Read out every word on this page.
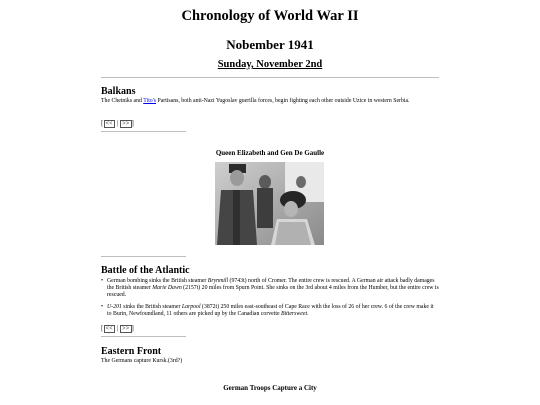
Chronology of World War II
Nobember 1941
Sunday, November 2nd
Balkans
The Chetniks and Tito's Partisans, both anti-Nazi Yugoslav guerilla forces, begin fighting each other outside Uzice in western Serbia.
[ << | >> ]
Queen Elizabeth and Gen De Gaulle
Battle of the Atlantic
• German bombing sinks the British steamer Brynmill (9743t) north of Cromer. The entire crew is rescued. A German air attack badly damages the British steamer Marie Dawn (2157t) 20 miles from Spurn Point. She sinks on the 3rd about 4 miles from the Humber, but the entire crew is rescued.
• U-201 sinks the British steamer Larpool (3872t) 250 miles east-southeast of Cape Race with the loss of 26 of her crew. 6 of the crew make it to Burin, Newfoundland, 11 others are picked up by the Canadian corvette Bittersweet.
[ << | >> ]
Eastern Front
The Germans capture Kursk.(3rd?)
German Troops Capture a City
